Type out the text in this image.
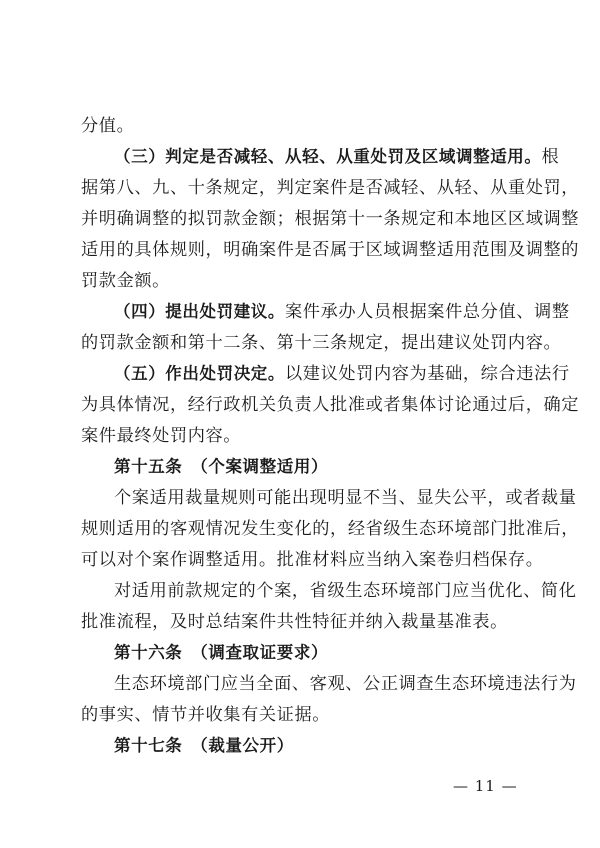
分值。
（三）判定是否减轻、从轻、从重处罚及区域调整适用。根
据第八、九、十条规定，判定案件是否减轻、从轻、从重处罚，
并明确调整的拟罚款金额；根据第十一条规定和本地区区域调整
适用的具体规则，明确案件是否属于区域调整适用范围及调整的
罚款金额。
（四）提出处罚建议。案件承办人员根据案件总分值、调整
的罚款金额和第十二条、第十三条规定，提出建议处罚内容。
（五）作出处罚决定。以建议处罚内容为基础，综合违法行
为具体情况，经行政机关负责人批准或者集体讨论通过后，确定
案件最终处罚内容。
第十五条　（个案调整适用）
个案适用裁量规则可能出现明显不当、显失公平，或者裁量
规则适用的客观情况发生变化的，经省级生态环境部门批准后，
可以对个案作调整适用。批准材料应当纳入案卷归档保存。
对适用前款规定的个案，省级生态环境部门应当优化、简化
批准流程，及时总结案件共性特征并纳入裁量基准表。
第十六条　（调查取证要求）
生态环境部门应当全面、客观、公正调查生态环境违法行为
的事实、情节并收集有关证据。
第十七条　（裁量公开）
— 11 —
